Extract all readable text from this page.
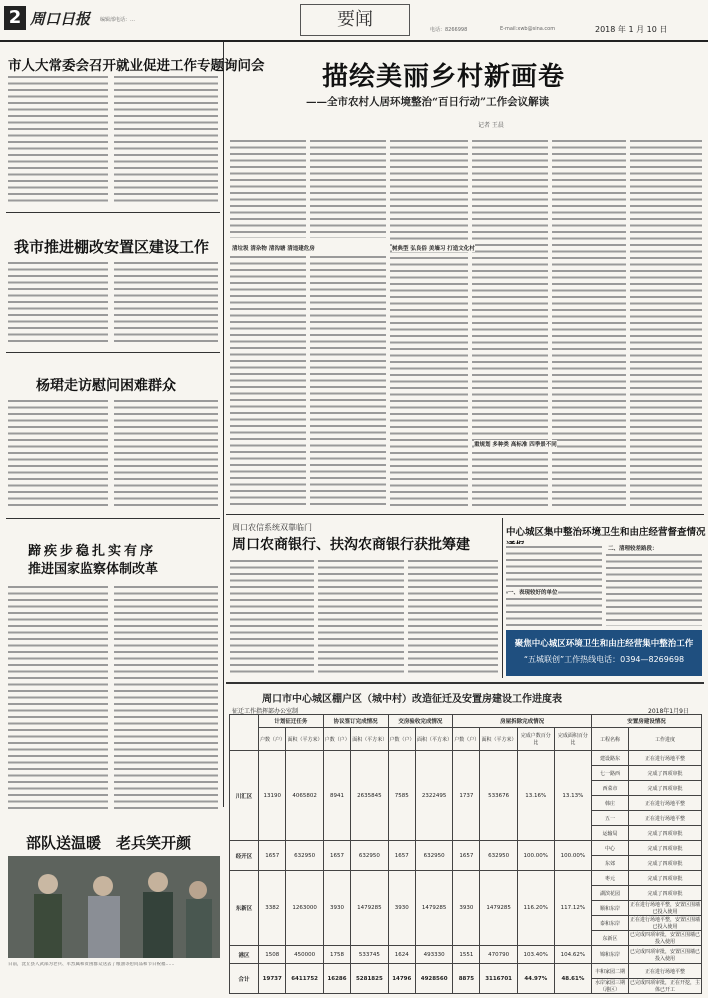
2 周口日报 编辑部电话：…	要闻	电话：8266998	E-mail:xwb@sina.com	2018 年 1 月 10 日
市人大常委会召开就业促进工作专题询问会
我市推进棚改安置区建设工作
杨珺走访慰问困难群众
蹄疾步稳扎实有序
推进国家监察体制改革
描绘美丽乡村新画卷
——全市农村人居环境整治“百日行动”工作会议解读
记者 王晨
清垃圾 清杂物 清沟塘 清违建危房	树典型 弘良俗 美墙习 打造文化村
重规划 多种类 高标准 四季景不同
周口农信系统双靠临门
周口农商银行、扶沟农商银行获批筹建
中心城区集中整治环境卫生和由庄经营督查情况
二、清理较差路段：
一、表现较好的单位
聚焦中心城区环境卫生和由庄经营集中整治工作
“五城联创”工作热线电话：0394—8269698
周口市中心城区棚户区（城中村）改造征迁及安置房建设工作进度表
征迁工作指挥部办公室制	2018年1月9日
	计划征迁任务		协议签订完成情况		交房验收完成情况		房屋拆除完成情况				安置房建设情况	
	户数（户）	面积（平方米）	户数（户）	面积（平方米）	户数（户）	面积（平方米）	户数（户）	面积（平方米）	完成户数百分比	完成面积百分比	工程名称	工作进度
川汇区	13190	4065802	8941	2635845	7585	2322495	1737	533676	13.16%	13.13%	建设路东	正在进行场地平整
											七一路西	完成了四项审批
											西菜市	完成了四项审批
											韩庄	正在进行场地平整
											五一	正在进行场地平整
											运输局	完成了四项审批
经开区	1657	632950	1657	632950	1657	632950	1657	632950	100.00%	100.00%	中心	完成了四项审批
											东郊	完成了四项审批
东新区	3382	1263000	3930	1479285	3930	1479285	3930	1479285	116.20%	117.12%	枣元	完成了四项审批
											湖滨花园	完成了四项审批
											顺和东岸	正在进行场地平整，安置区围墙已投入使用
											泰和东岸	正在进行场地平整，安置区围墙已投入使用
											东新区	已完成四项审批，安置区围墙已投入使用
港区	1508	450000	1758	533745	1624	493330	1551	470790	103.40%	104.62%	锦和东岸	已完成四项审批，安置区围墙已投入使用
合计	19737	6411752	16286	5281825	14796	4928560	8875	3116701	44.97%	48.61%	丰和家园二期	正在进行场地平整
											水岸家园三期（港区）	已完成四项审批，正在开挖，主体已开工
部队送温暖　老兵笑开颜
日前，沈丘县人武部为老兵、军烈属和贫困群众送去了粮油等慰问品和节日祝福……
